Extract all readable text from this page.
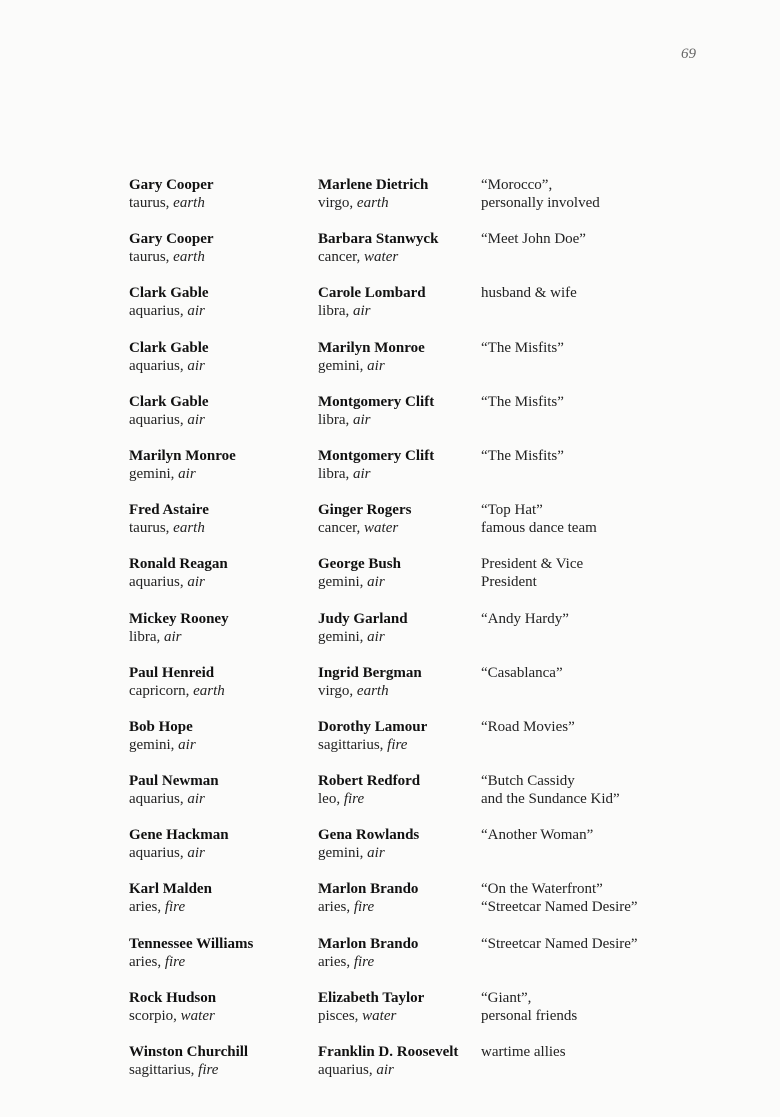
69
Gary Cooper
taurus, earth
Marlene Dietrich
virgo, earth
“Morocco”,
personally involved
Gary Cooper
taurus, earth
Barbara Stanwyck
cancer, water
“Meet John Doe”
Clark Gable
aquarius, air
Carole Lombard
libra, air
husband & wife
Clark Gable
aquarius, air
Marilyn Monroe
gemini, air
“The Misfits”
Clark Gable
aquarius, air
Montgomery Clift
libra, air
“The Misfits”
Marilyn Monroe
gemini, air
Montgomery Clift
libra, air
“The Misfits”
Fred Astaire
taurus, earth
Ginger Rogers
cancer, water
“Top Hat”
famous dance team
Ronald Reagan
aquarius, air
George Bush
gemini, air
President & Vice
President
Mickey Rooney
libra, air
Judy Garland
gemini, air
“Andy Hardy”
Paul Henreid
capricorn, earth
Ingrid Bergman
virgo, earth
“Casablanca”
Bob Hope
gemini, air
Dorothy Lamour
sagittarius, fire
“Road Movies”
Paul Newman
aquarius, air
Robert Redford
leo, fire
“Butch Cassidy
and the Sundance Kid”
Gene Hackman
aquarius, air
Gena Rowlands
gemini, air
“Another Woman”
Karl Malden
aries, fire
Marlon Brando
aries, fire
“On the Waterfront”
“Streetcar Named Desire”
Tennessee Williams
aries, fire
Marlon Brando
aries, fire
“Streetcar Named Desire”
Rock Hudson
scorpio, water
Elizabeth Taylor
pisces, water
“Giant”,
personal friends
Winston Churchill
sagittarius, fire
Franklin D. Roosevelt
aquarius, air
wartime allies
